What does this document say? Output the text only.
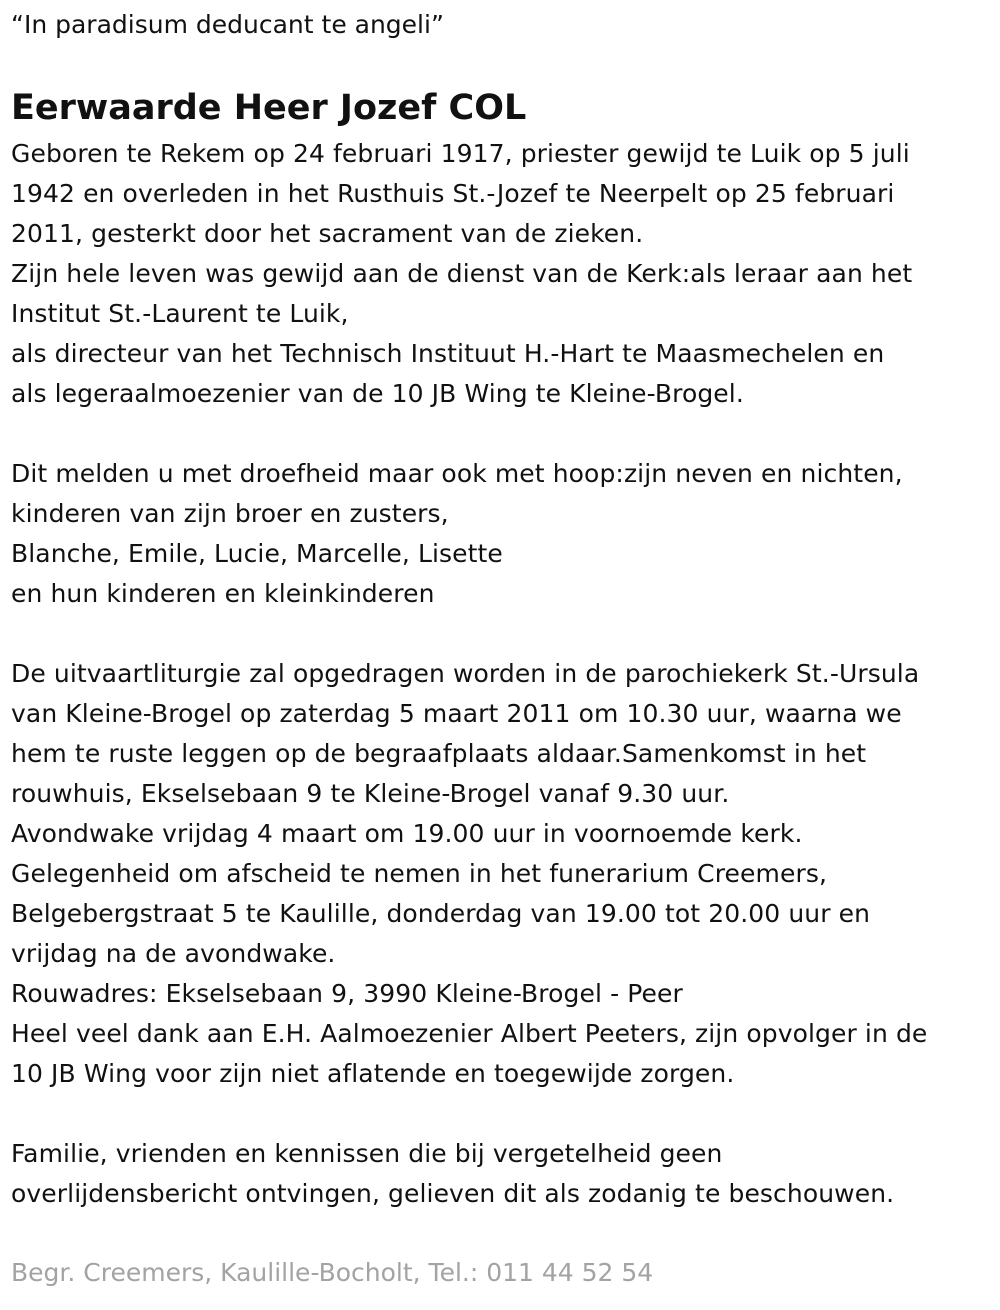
“In paradisum deducant te angeli”
Eerwaarde Heer Jozef COL
Geboren te Rekem op 24 februari 1917, priester gewijd te Luik op 5 juli
1942 en overleden in het Rusthuis St.-Jozef te Neerpelt op 25 februari
2011, gesterkt door het sacrament van de zieken.
Zijn hele leven was gewijd aan de dienst van de Kerk:als leraar aan het
Institut St.-Laurent te Luik,
als directeur van het Technisch Instituut H.-Hart te Maasmechelen en
als legeraalmoezenier van de 10 JB Wing te Kleine-Brogel.
Dit melden u met droefheid maar ook met hoop:zijn neven en nichten,
kinderen van zijn broer en zusters,
Blanche, Emile, Lucie, Marcelle, Lisette
en hun kinderen en kleinkinderen
De uitvaartliturgie zal opgedragen worden in de parochiekerk St.-Ursula
van Kleine-Brogel op zaterdag 5 maart 2011 om 10.30 uur, waarna we
hem te ruste leggen op de begraafplaats aldaar.Samenkomst in het
rouwhuis, Ekselsebaan 9 te Kleine-Brogel vanaf 9.30 uur.
Avondwake vrijdag 4 maart om 19.00 uur in voornoemde kerk.
Gelegenheid om afscheid te nemen in het funerarium Creemers,
Belgebergstraat 5 te Kaulille, donderdag van 19.00 tot 20.00 uur en
vrijdag na de avondwake.
Rouwadres: Ekselsebaan 9, 3990 Kleine-Brogel - Peer
Heel veel dank aan E.H. Aalmoezenier Albert Peeters, zijn opvolger in de
10 JB Wing voor zijn niet aflatende en toegewijde zorgen.
Familie, vrienden en kennissen die bij vergetelheid geen
overlijdensbericht ontvingen, gelieven dit als zodanig te beschouwen.
Begr. Creemers, Kaulille-Bocholt, Tel.: 011 44 52 54
